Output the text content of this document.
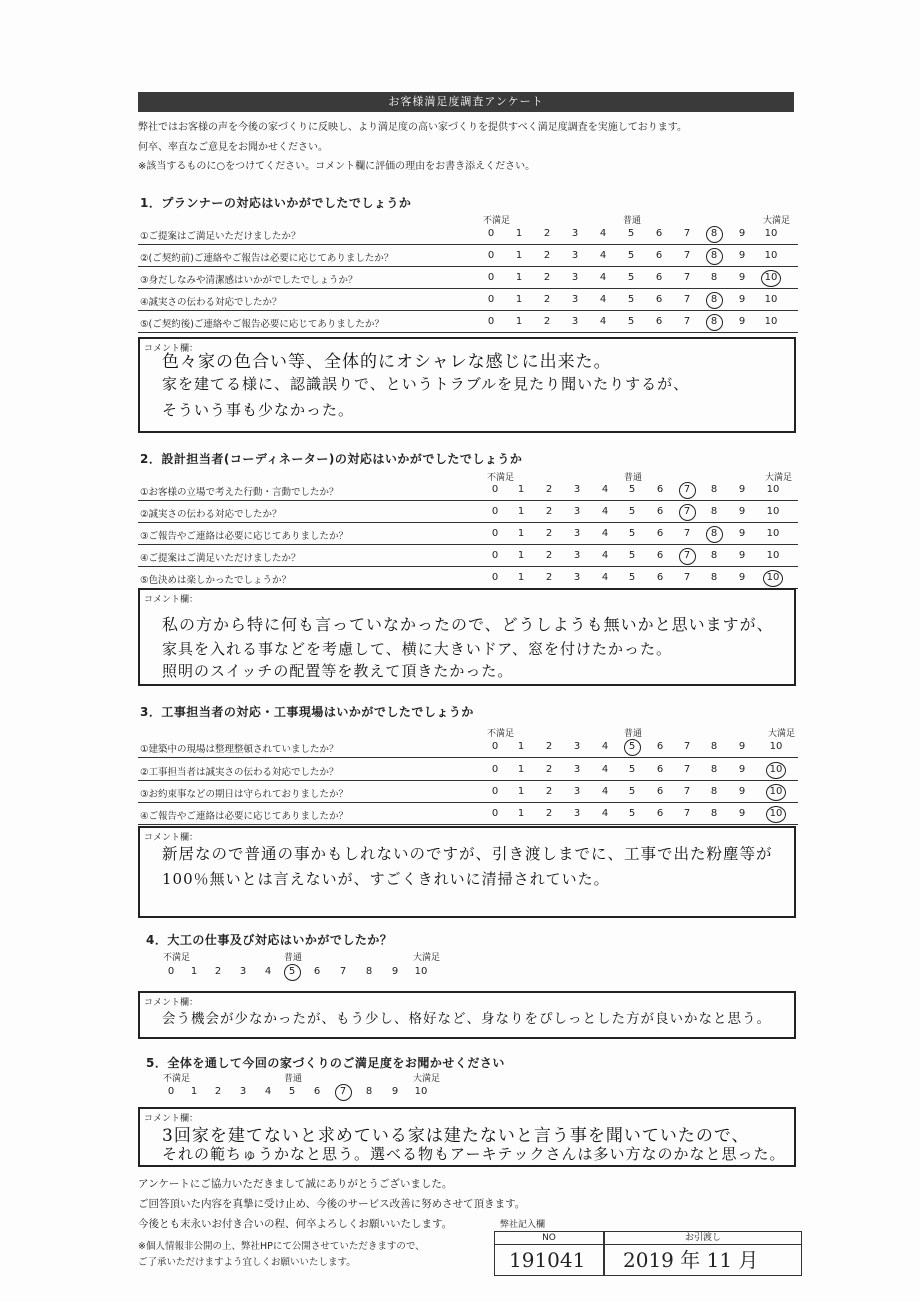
お客様満足度調査アンケート
弊社ではお客様の声を今後の家づくりに反映し、より満足度の高い家づくりを提供すべく満足度調査を実施しております。
何卒、率直なご意見をお聞かせください。
※該当するものに○をつけてください。コメント欄に評価の理由をお書き添えください。
1．プランナーの対応はいかがでしたでしょうか
不満足	普通	大満足
①ご提案はご満足いただけましたか？	0	1	2	3	4	5	6	7	8	9	10
②(ご契約前)ご連絡やご報告は必要に応じてありましたか？	0	1	2	3	4	5	6	7	8	9	10
③身だしなみや清潔感はいかがでしたでしょうか？	0	1	2	3	4	5	6	7	8	9	10
④誠実さの伝わる対応でしたか？	0	1	2	3	4	5	6	7	8	9	10
⑤(ご契約後)ご連絡やご報告必要に応じてありましたか？	0	1	2	3	4	5	6	7	8	9	10
コメント欄：
色々家の色合い等、全体的にオシャレな感じに出来た。
家を建てる様に、認識誤りで、というトラブルを見たり聞いたりするが、
そういう事も少なかった。
2．設計担当者(コーディネーター)の対応はいかがでしたでしょうか
不満足	普通	大満足
①お客様の立場で考えた行動・言動でしたか？	0	1	2	3	4	5	6	7	8	9	10
②誠実さの伝わる対応でしたか？	0	1	2	3	4	5	6	7	8	9	10
③ご報告やご連絡は必要に応じてありましたか？	0	1	2	3	4	5	6	7	8	9	10
④ご提案はご満足いただけましたか？	0	1	2	3	4	5	6	7	8	9	10
⑤色決めは楽しかったでしょうか？	0	1	2	3	4	5	6	7	8	9	10
コメント欄：
私の方から特に何も言っていなかったので、どうしようも無いかと思いますが、
家具を入れる事などを考慮して、横に大きいドア、窓を付けたかった。
照明のスイッチの配置等を教えて頂きたかった。
3．工事担当者の対応・工事現場はいかがでしたでしょうか
不満足	普通	大満足
①建築中の現場は整理整頓されていましたか？	0	1	2	3	4	5	6	7	8	9	10
②工事担当者は誠実さの伝わる対応でしたか？	0	1	2	3	4	5	6	7	8	9	10
③お約束事などの期日は守られておりましたか？	0	1	2	3	4	5	6	7	8	9	10
④ご報告やご連絡は必要に応じてありましたか？	0	1	2	3	4	5	6	7	8	9	10
コメント欄：
新居なので普通の事かもしれないのですが、引き渡しまでに、工事で出た粉塵等が
100％無いとは言えないが、すごくきれいに清掃されていた。
4．大工の仕事及び対応はいかがでしたか？
不満足	普通	大満足
0	1	2	3	4	5	6	7	8	9	10
コメント欄：
会う機会が少なかったが、もう少し、格好など、身なりをぴしっとした方が良いかなと思う。
5．全体を通して今回の家づくりのご満足度をお聞かせください
不満足	普通	大満足
0	1	2	3	4	5	6	7	8	9	10
コメント欄：
3回家を建てないと求めている家は建たないと言う事を聞いていたので、
それの範ちゅうかなと思う。選べる物もアーキテックさんは多い方なのかなと思った。
アンケートにご協力いただきまして誠にありがとうございました。
ご回答頂いた内容を真摯に受け止め、今後のサービス改善に努めさせて頂きます。
今後とも末永いお付き合いの程、何卒よろしくお願いいたします。
※個人情報非公開の上、弊社HPにて公開させていただきますので、
ご了承いただけますよう宜しくお願いいたします。
弊社記入欄
NO
191041
お引渡し
2019 年 11 月
